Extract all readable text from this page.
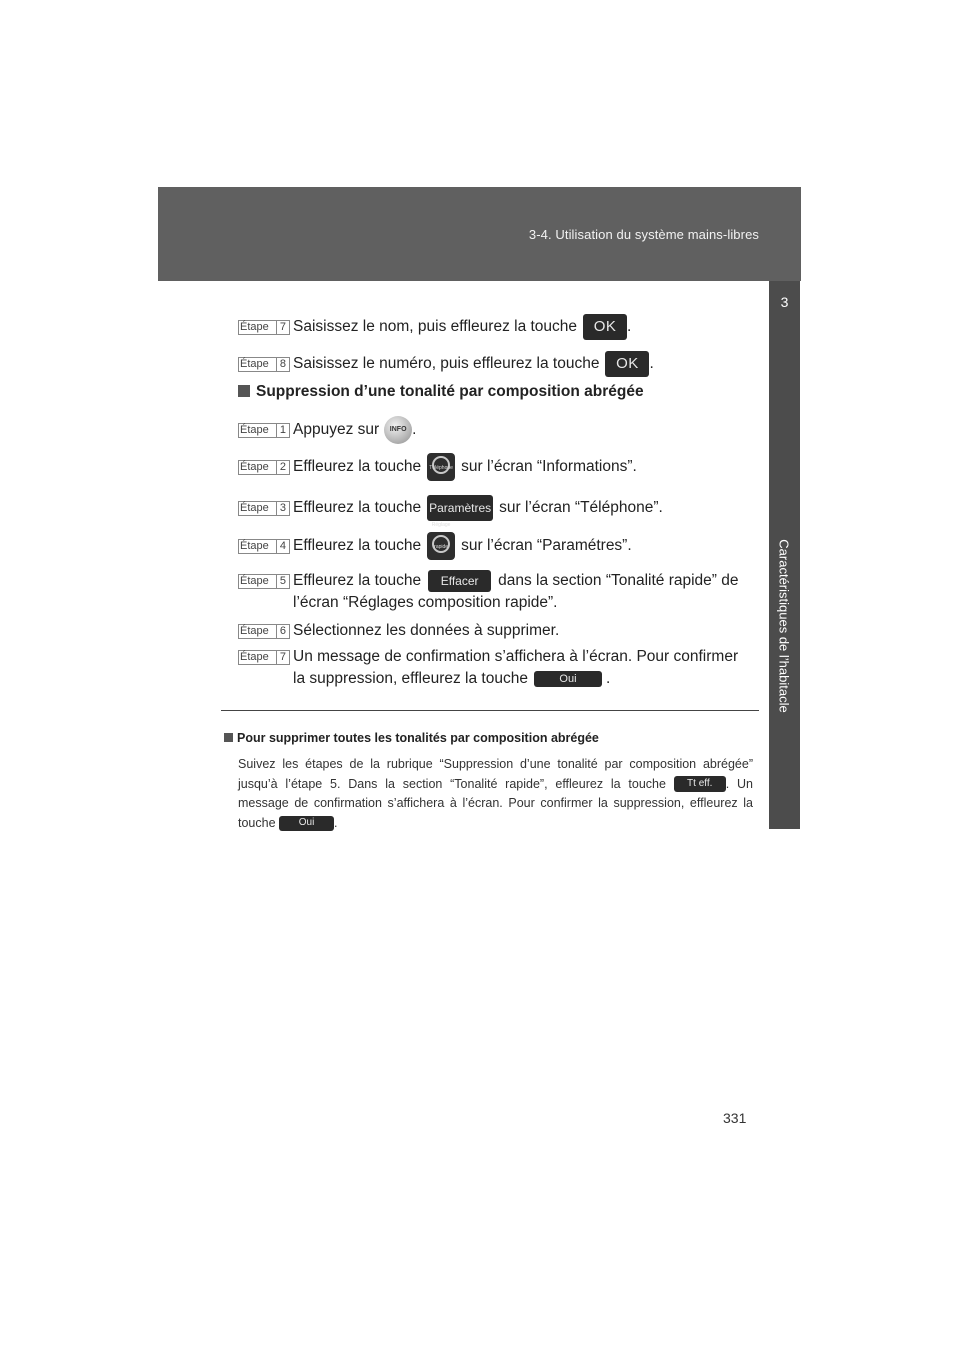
3-4. Utilisation du système mains-libres
3
Caractéristiques de l’habitacle
Étape	7 Saisissez le nom, puis effleurez la touche	OK .
Étape	8 Saisissez le numéro, puis effleurez la touche	OK .
Suppression d’une tonalité par composition abrégée
Étape	1 Appuyez sur	INFO .
Étape	2 Effleurez la touche	Téléphone sur l’écran “Informations”.
Étape	3 Effleurez la touche Paramètres sur l’écran “Téléphone”.
Étape	4 Effleurez la touche
Réglage rapide sur l’écran “Paramétres”.
Étape	5 Effleurez la touche	Effacer	dans la section “Tonalité rapide” de
l’écran “Réglages composition rapide”.
Étape	6 Sélectionnez les données à supprimer.
Étape	7 Un message de confirmation s’affichera à l’écran. Pour confirmer
la suppression, effleurez la touche	Oui	.
Pour supprimer toutes les tonalités par composition abrégée
Suivez les étapes de la rubrique “Suppression d’une tonalité par composition abrégée” jusqu’à l’étape 5. Dans la section “Tonalité rapide”, effleurez la touche Tt eff. . Un message de confirmation s’affichera à l’écran. Pour confirmer la suppression, effleurez la touche Oui .
331
